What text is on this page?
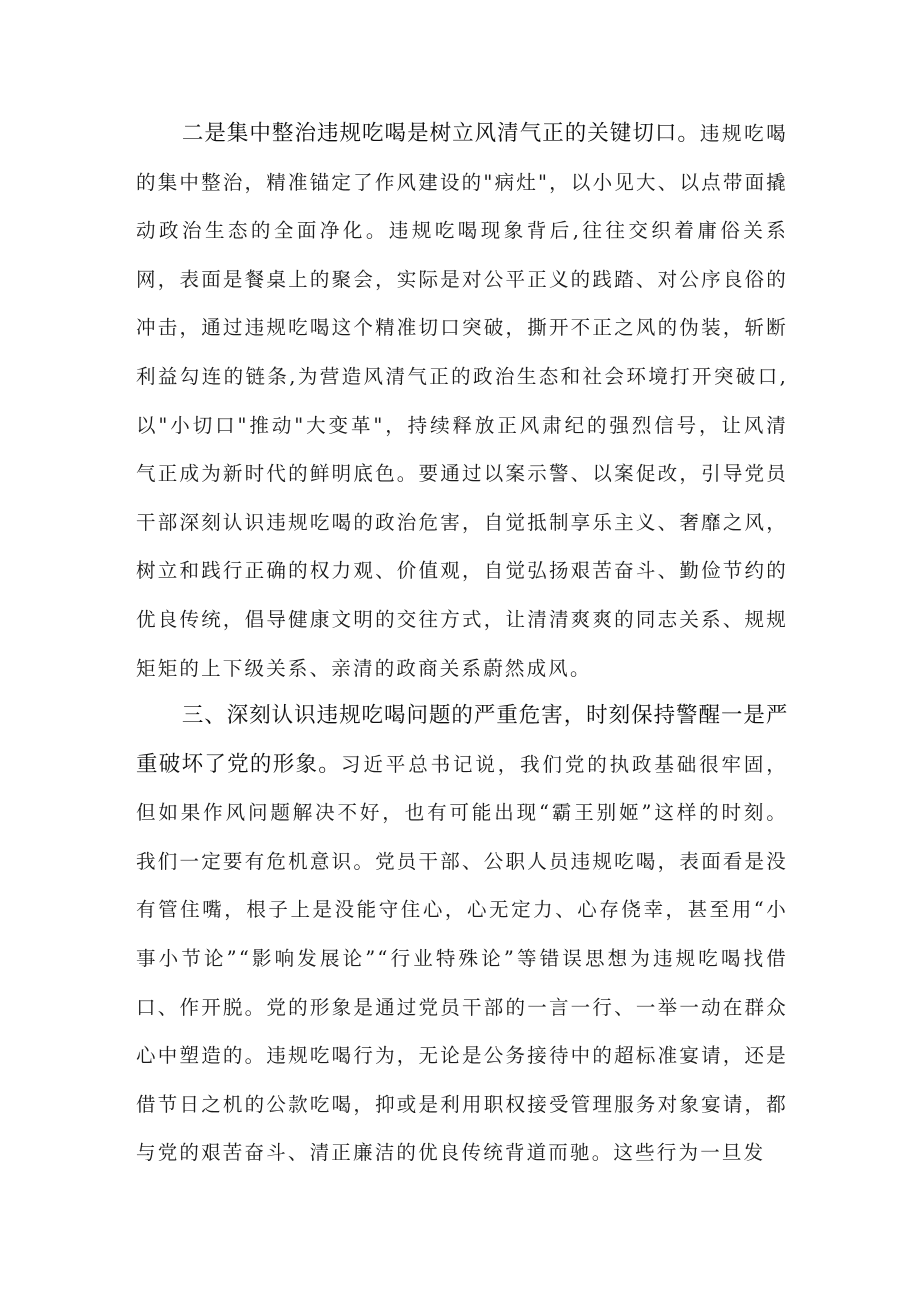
二是集中整治违规吃喝是树立风清气正的关键切口。违规吃喝的集中整治，精准锚定了作风建设的"病灶"，以小见大、以点带面撬动政治生态的全面净化。违规吃喝现象背后,往往交织着庸俗关系网，表面是餐桌上的聚会，实际是对公平正义的践踏、对公序良俗的冲击，通过违规吃喝这个精准切口突破，撕开不正之风的伪装，斩断利益勾连的链条,为营造风清气正的政治生态和社会环境打开突破口,以"小切口"推动"大变革"，持续释放正风肃纪的强烈信号，让风清气正成为新时代的鲜明底色。要通过以案示警、以案促改，引导党员干部深刻认识违规吃喝的政治危害，自觉抵制享乐主义、奢靡之风，树立和践行正确的权力观、价值观，自觉弘扬艰苦奋斗、勤俭节约的优良传统，倡导健康文明的交往方式，让清清爽爽的同志关系、规规矩矩的上下级关系、亲清的政商关系蔚然成风。

三、深刻认识违规吃喝问题的严重危害，时刻保持警醒一是严重破坏了党的形象。习近平总书记说，我们党的执政基础很牢固，但如果作风问题解决不好，也有可能出现“霸王别姬”这样的时刻。我们一定要有危机意识。党员干部、公职人员违规吃喝，表面看是没有管住嘴，根子上是没能守住心，心无定力、心存侥幸，甚至用“小事小节论”“影响发展论”“行业特殊论”等错误思想为违规吃喝找借口、作开脱。党的形象是通过党员干部的一言一行、一举一动在群众心中塑造的。违规吃喝行为，无论是公务接待中的超标准宴请，还是借节日之机的公款吃喝，抑或是利用职权接受管理服务对象宴请，都与党的艰苦奋斗、清正廉洁的优良传统背道而驰。这些行为一旦发
